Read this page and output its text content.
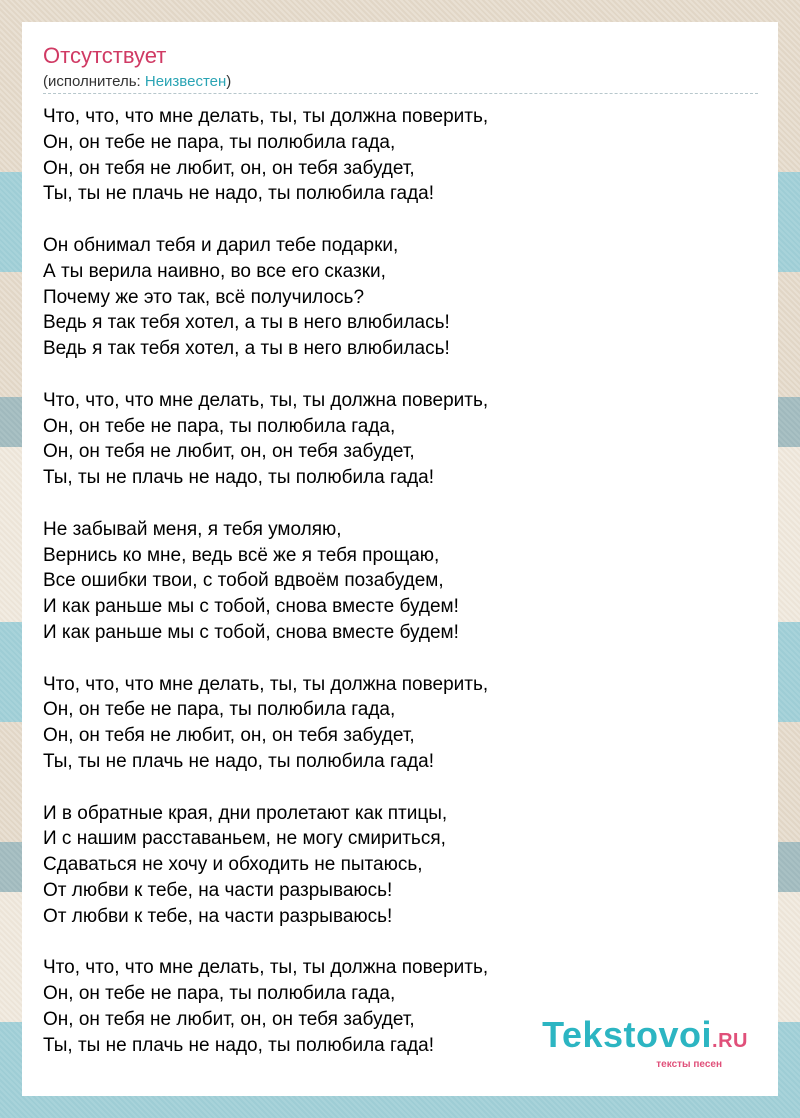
Отсутствует
(исполнитель: Неизвестен)
Что, что, что мне делать, ты, ты должна поверить,
Он, он тебе не пара, ты полюбила гада,
Он, он тебя не любит, он, он тебя забудет,
Ты, ты не плачь не надо, ты полюбила гада!
Он обнимал тебя и дарил тебе подарки,
А ты верила наивно, во все его сказки,
Почему же это так, всё получилось?
Ведь я так тебя хотел, а ты в него влюбилась!
Ведь я так тебя хотел, а ты в него влюбилась!
Что, что, что мне делать, ты, ты должна поверить,
Он, он тебе не пара, ты полюбила гада,
Он, он тебя не любит, он, он тебя забудет,
Ты, ты не плачь не надо, ты полюбила гада!
Не забывай меня, я тебя умоляю,
Вернись ко мне, ведь всё же я тебя прощаю,
Все ошибки твои, с тобой вдвоём позабудем,
И как раньше мы с тобой, снова вместе будем!
И как раньше мы с тобой, снова вместе будем!
Что, что, что мне делать, ты, ты должна поверить,
Он, он тебе не пара, ты полюбила гада,
Он, он тебя не любит, он, он тебя забудет,
Ты, ты не плачь не надо, ты полюбила гада!
И в обратные края, дни пролетают как птицы,
И с нашим расставаньем, не могу смириться,
Сдаваться не хочу и обходить не пытаюсь,
От любви к тебе, на части разрываюсь!
От любви к тебе, на части разрываюсь!
Что, что, что мне делать, ты, ты должна поверить,
Он, он тебе не пара, ты полюбила гада,
Он, он тебя не любит, он, он тебя забудет,
Ты, ты не плачь не надо, ты полюбила гада!	Tekstovoi.RU
тексты песен
